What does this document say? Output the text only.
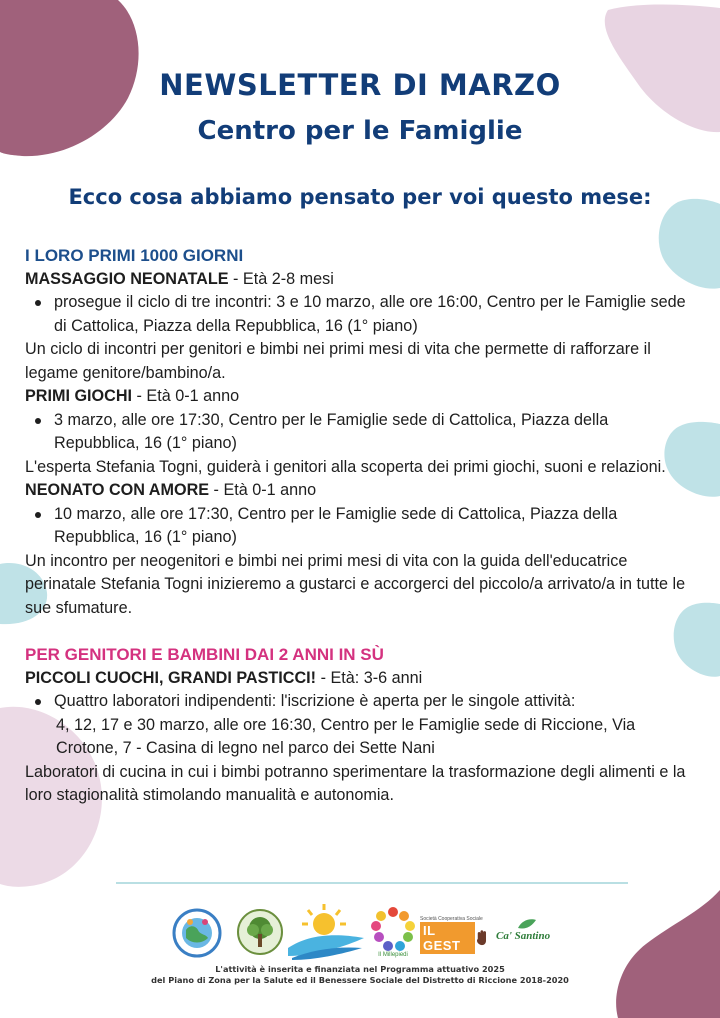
NEWSLETTER DI MARZO
Centro per le Famiglie
Ecco cosa abbiamo pensato per voi questo mese:
I LORO PRIMI 1000 GIORNI
MASSAGGIO NEONATALE - Età 2-8 mesi
prosegue il ciclo di tre incontri: 3 e 10 marzo, alle ore 16:00, Centro per le Famiglie sede di Cattolica, Piazza della Repubblica, 16 (1° piano)
Un ciclo di incontri per genitori e bimbi nei primi mesi di vita che permette di rafforzare il legame genitore/bambino/a.
PRIMI GIOCHI - Età 0-1 anno
3 marzo, alle ore 17:30, Centro per le Famiglie sede di Cattolica, Piazza della Repubblica, 16 (1° piano)
L'esperta Stefania Togni, guiderà i genitori alla scoperta dei primi giochi, suoni e relazioni.
NEONATO CON AMORE - Età 0-1 anno
10 marzo, alle ore 17:30, Centro per le Famiglie sede di Cattolica, Piazza della Repubblica, 16 (1° piano)
Un incontro per neogenitori e bimbi nei primi mesi di vita con la guida dell'educatrice perinatale Stefania Togni inizieremo a gustarci e accorgerci del piccolo/a arrivato/a in tutte le sue sfumature.
PER GENITORI E BAMBINI DAI 2 ANNI IN SÙ
PICCOLI CUOCHI, GRANDI PASTICCI! - Età: 3-6 anni
Quattro laboratori indipendenti: l'iscrizione è aperta per le singole attività:
4, 12, 17 e 30 marzo, alle ore 16:30, Centro per le Famiglie sede di Riccione, Via Crotone, 7 - Casina di legno nel parco dei Sette Nani
Laboratori di cucina in cui i bimbi potranno sperimentare la trasformazione degli alimenti e la loro stagionalità stimolando manualità e autonomia.
Il Millepiedi
Società Cooperativa Sociale
IL GEST
Ca' Santino
L'attività è inserita e finanziata nel Programma attuativo 2025
del Piano di Zona per la Salute ed il Benessere Sociale del Distretto di Riccione 2018-2020
